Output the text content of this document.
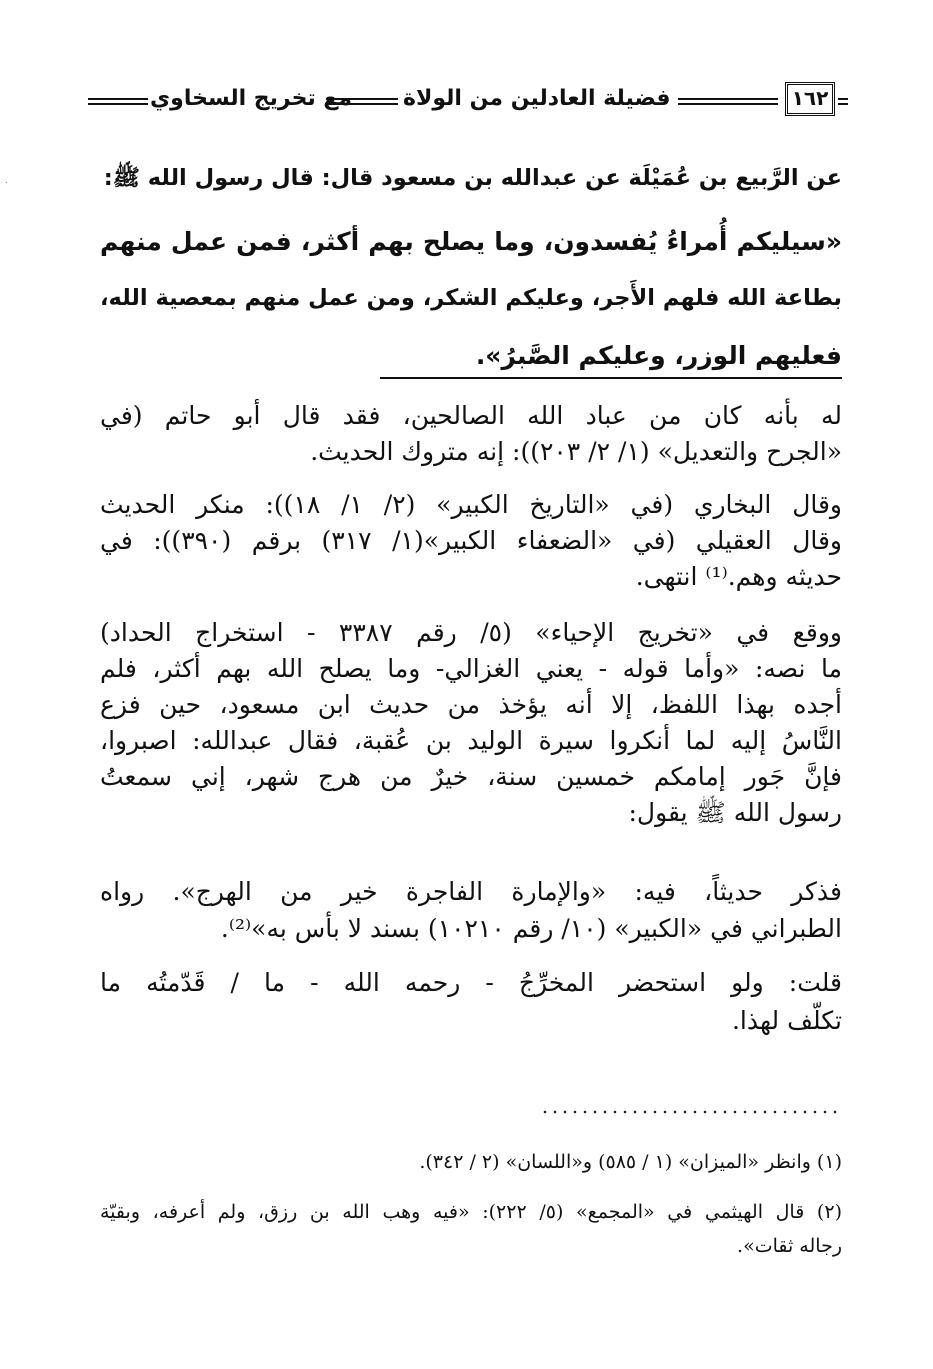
مع تخريج السخاوي فضيلة العادلين من الولاة	١٦٢
عن الرَّبيع بن عُمَيْلَة عن عبدالله بن مسعود قال: قال رسول الله ﷺ:
«سيليكم أُمراءُ يُفسدون، وما يصلح بهم أكثر، فمن عمل منهم
بطاعة الله فلهم الأَجر، وعليكم الشكر، ومن عمل منهم بمعصية الله،
فعليهم الوزر، وعليكم الصَّبرُ».
له بأنه كان من عباد الله الصالحين، فقد قال أبو حاتم (في
«الجرح والتعديل» (١/ ٢/ ٢٠٣)): إنه متروك الحديث.
وقال البخاري (في «التاريخ الكبير» (٢/ ١/ ١٨)): منكر الحديث
وقال العقيلي (في «الضعفاء الكبير»(١/ ٣١٧) برقم (٣٩٠)): في
حديثه وهم.⁽¹⁾ انتهى.
ووقع في «تخريج الإحياء» (٥/ رقم ٣٣٨٧ - استخراج الحداد)
ما نصه: «وأما قوله - يعني الغزالي- وما يصلح الله بهم أكثر، فلم
أجده بهذا اللفظ، إلا أنه يؤخذ من حديث ابن مسعود، حين فزع
النَّاسُ إليه لما أنكروا سيرة الوليد بن عُقبة، فقال عبدالله: اصبروا،
فإنَّ جَور إمامكم خمسين سنة، خيرٌ من هرج شهر، إني سمعتُ
رسول الله ﷺ يقول:
فذكر حديثاً، فيه: «والإمارة الفاجرة خير من الهرج». رواه
الطبراني في «الكبير» (١٠/ رقم ١٠٢١٠) بسند لا بأس به»⁽²⁾.
قلت: ولو استحضر المخرِّجُ - رحمه الله - ما / قَدّمتُه ما
تكلّف لهذا.
(١) وانظر «الميزان» (١ / ٥٨٥) و«اللسان» (٢ / ٣٤٢).
(٢) قال الهيثمي في «المجمع» (٥/ ٢٢٢): «فيه وهب الله بن رزق، ولم أعرفه، وبقيّة
رجاله ثقات».
·
